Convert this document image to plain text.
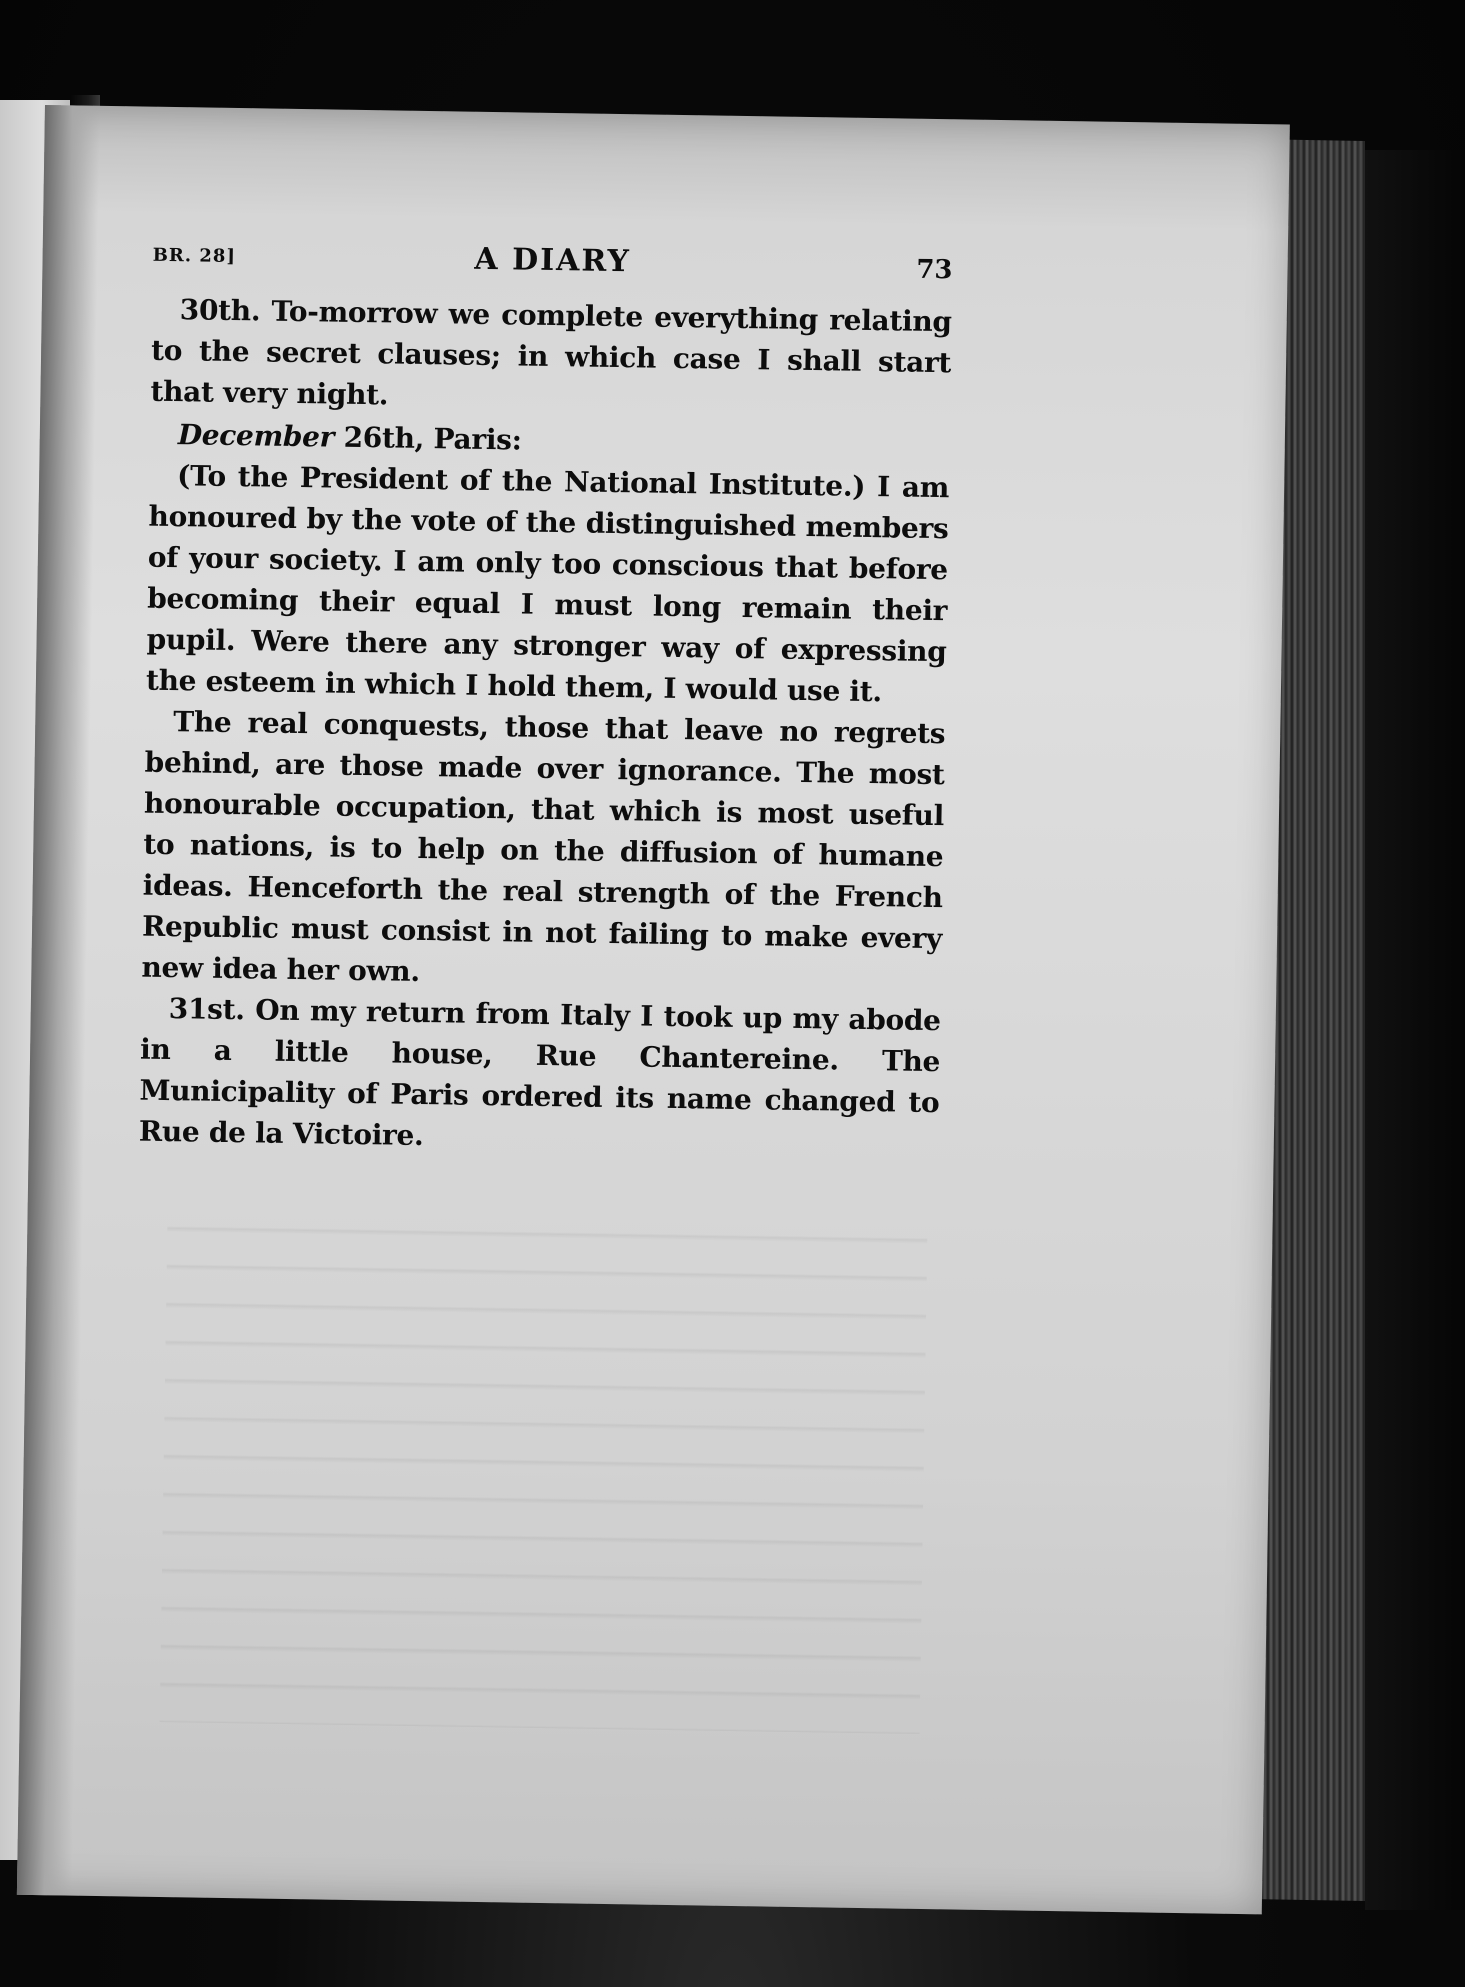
BR. 28]	A DIARY	73

30th. To-morrow we complete everything relating to the secret clauses; in which case I shall start that very night.

December 26th, Paris:

(To the President of the National Institute.) I am honoured by the vote of the distinguished members of your society. I am only too conscious that before becoming their equal I must long remain their pupil. Were there any stronger way of expressing the esteem in which I hold them, I would use it.

The real conquests, those that leave no regrets behind, are those made over ignorance. The most honourable occupation, that which is most useful to nations, is to help on the diffusion of humane ideas. Henceforth the real strength of the French Republic must consist in not failing to make every new idea her own.

31st. On my return from Italy I took up my abode in a little house, Rue Chantereine. The Municipality of Paris ordered its name changed to Rue de la Victoire.
